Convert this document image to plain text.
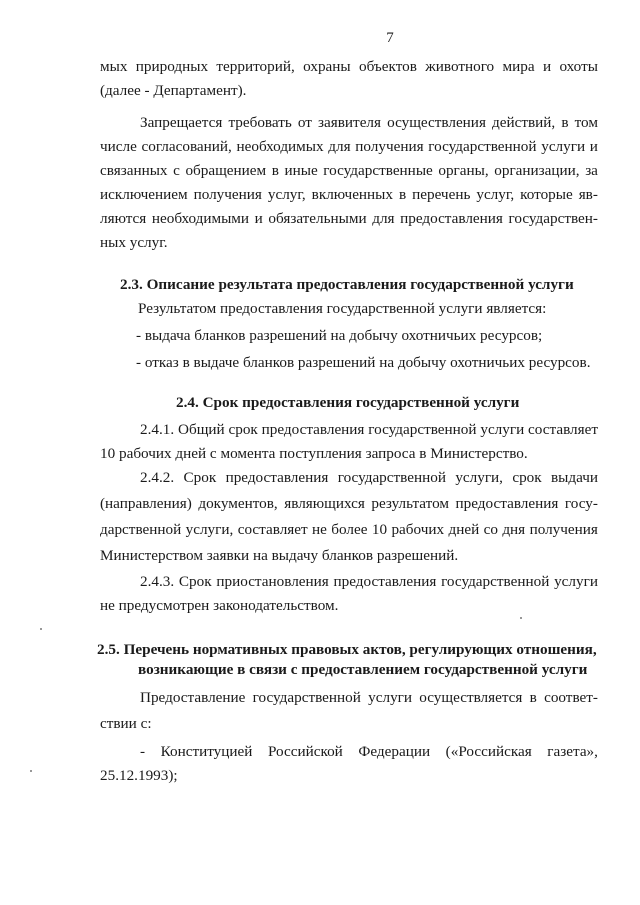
7
мых природных территорий, охраны объектов животного мира и охоты
(далее - Департамент).
Запрещается требовать от заявителя осуществления действий, в том
числе согласований, необходимых для получения государственной услуги и
связанных с обращением в иные государственные органы, организации, за
исключением получения услуг, включенных в перечень услуг, которые яв-
ляются необходимыми и обязательными для предоставления государствен-
ных услуг.
2.3. Описание результата предоставления государственной услуги
Результатом предоставления государственной услуги является:
- выдача бланков разрешений на добычу охотничьих ресурсов;
- отказ в выдаче бланков разрешений на добычу охотничьих ресурсов.
2.4. Срок предоставления государственной услуги
2.4.1. Общий срок предоставления государственной услуги составляет
10 рабочих дней с момента поступления запроса в Министерство.
2.4.2. Срок предоставления государственной услуги, срок выдачи
(направления) документов, являющихся результатом предоставления госу-
дарственной услуги, составляет не более 10 рабочих дней со дня получения
Министерством заявки на выдачу бланков разрешений.
2.4.3. Срок приостановления предоставления государственной услуги
не предусмотрен законодательством.
2.5. Перечень нормативных правовых актов, регулирующих отношения,
возникающие в связи с предоставлением государственной услуги
Предоставление государственной услуги осуществляется в соответ-
ствии с:
- Конституцией Российской Федерации («Российская газета»,
25.12.1993);
